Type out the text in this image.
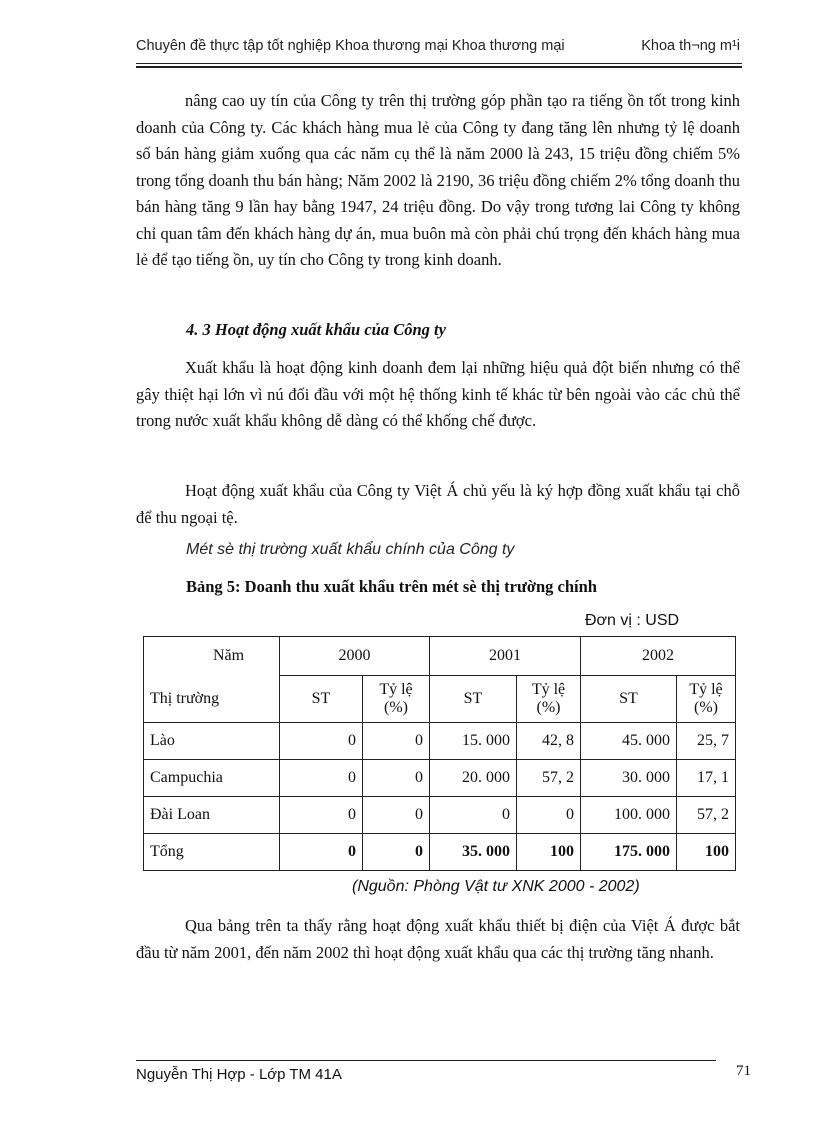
Chuyên đề thực tập tốt nghiệp Khoa thương mại Khoa thương mại	Khoa th¬ng m¹i

nâng cao uy tín của Công ty trên thị trường góp phần tạo ra tiếng ồn tốt trong kinh doanh của Công ty. Các khách hàng mua lẻ của Công ty đang tăng lên nhưng tỷ lệ doanh số bán hàng giảm xuống qua các năm cụ thể là năm 2000 là 243, 15 triệu đồng chiếm 5% trong tổng doanh thu bán hàng; Năm 2002 là 2190, 36 triệu đồng chiếm 2% tổng doanh thu bán hàng tăng 9 lần hay bằng 1947, 24 triệu đồng. Do vậy trong tương lai Công ty không chỉ quan tâm đến khách hàng dự án, mua buôn mà còn phải chú trọng đến khách hàng mua lẻ để tạo tiếng ồn, uy tín cho Công ty trong kinh doanh.

4. 3 Hoạt động xuất khẩu của Công ty

Xuất khẩu là hoạt động kinh doanh đem lại những hiệu quả đột biến nhưng có thể gây thiệt hại lớn vì nú đối đầu với một hệ thống kinh tế khác từ bên ngoài vào các chủ thể trong nước xuất khẩu không dễ dàng có thể khống chế được.

Hoạt động xuất khẩu của Công ty Việt Á chủ yếu là ký hợp đồng xuất khẩu tại chỗ để thu ngoại tệ.

Mét sè thị trường xuất khẩu chính của Công ty
Bảng 5: Doanh thu xuất khẩu trên mét sè thị trường chính
Đơn vị : USD
Năm	2000		2001		2002	
Thị trường	ST	Tỷ lệ (%)	ST	Tỷ lệ (%)	ST	Tỷ lệ (%)
Lào	0	0	15. 000	42, 8	45. 000	25, 7
Campuchia	0	0	20. 000	57, 2	30. 000	17, 1
Đài Loan	0	0	0	0	100. 000	57, 2
Tổng	0	0	35. 000	100	175. 000	100
(Nguồn: Phòng Vật tư XNK 2000 - 2002)

Qua bảng trên ta thấy rằng hoạt động xuất khẩu thiết bị điện của Việt Á được bắt đầu từ năm 2001, đến năm 2002 thì hoạt động xuất khẩu qua các thị trường tăng nhanh.

Nguyễn Thị Hợp - Lớp TM 41A	71
